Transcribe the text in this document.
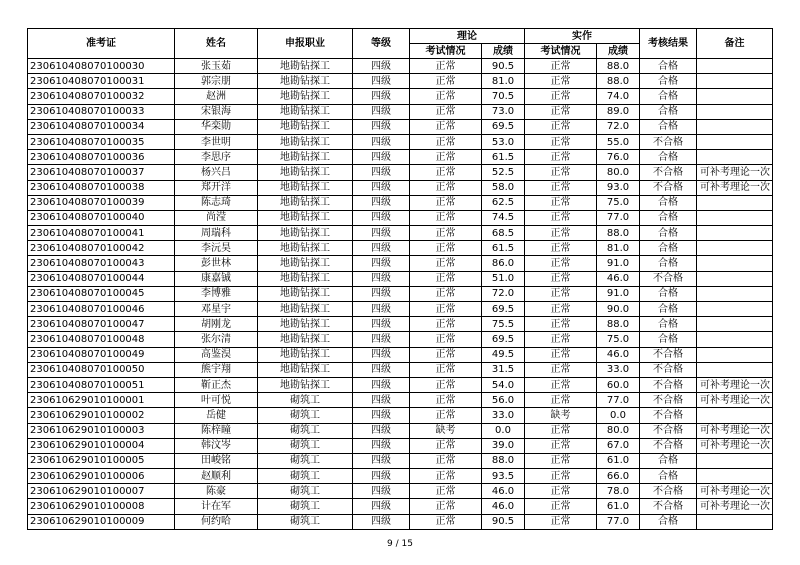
准考证	姓名	申报职业	等级	理论		实作		考核结果	备注
				考试情况	成绩	考试情况	成绩		
230610408070100030	张玉茹	地勘钻探工	四级	正常	90.5	正常	88.0	合格	
230610408070100031	郭宗朋	地勘钻探工	四级	正常	81.0	正常	88.0	合格	
230610408070100032	赵洲	地勘钻探工	四级	正常	70.5	正常	74.0	合格	
230610408070100033	宋银海	地勘钻探工	四级	正常	73.0	正常	89.0	合格	
230610408070100034	华栾勋	地勘钻探工	四级	正常	69.5	正常	72.0	合格	
230610408070100035	李世明	地勘钻探工	四级	正常	53.0	正常	55.0	不合格	
230610408070100036	李思序	地勘钻探工	四级	正常	61.5	正常	76.0	合格	
230610408070100037	杨兴吕	地勘钻探工	四级	正常	52.5	正常	80.0	不合格	可补考理论一次
230610408070100038	郑开洋	地勘钻探工	四级	正常	58.0	正常	93.0	不合格	可补考理论一次
230610408070100039	陈志琦	地勘钻探工	四级	正常	62.5	正常	75.0	合格	
230610408070100040	尚滢	地勘钻探工	四级	正常	74.5	正常	77.0	合格	
230610408070100041	周瑞科	地勘钻探工	四级	正常	68.5	正常	88.0	合格	
230610408070100042	李沅昊	地勘钻探工	四级	正常	61.5	正常	81.0	合格	
230610408070100043	彭世林	地勘钻探工	四级	正常	86.0	正常	91.0	合格	
230610408070100044	康嘉铖	地勘钻探工	四级	正常	51.0	正常	46.0	不合格	
230610408070100045	李博雅	地勘钻探工	四级	正常	72.0	正常	91.0	合格	
230610408070100046	邓星宇	地勘钻探工	四级	正常	69.5	正常	90.0	合格	
230610408070100047	胡刚龙	地勘钻探工	四级	正常	75.5	正常	88.0	合格	
230610408070100048	张尔清	地勘钻探工	四级	正常	69.5	正常	75.0	合格	
230610408070100049	高鉴淏	地勘钻探工	四级	正常	49.5	正常	46.0	不合格	
230610408070100050	熊宇翔	地勘钻探工	四级	正常	31.5	正常	33.0	不合格	
230610408070100051	靳正杰	地勘钻探工	四级	正常	54.0	正常	60.0	不合格	可补考理论一次
230610629010100001	叶可悦	砌筑工	四级	正常	56.0	正常	77.0	不合格	可补考理论一次
230610629010100002	岳健	砌筑工	四级	正常	33.0	缺考	0.0	不合格	
230610629010100003	陈梓瞳	砌筑工	四级	缺考	0.0	正常	80.0	不合格	可补考理论一次
230610629010100004	韩汶岑	砌筑工	四级	正常	39.0	正常	67.0	不合格	可补考理论一次
230610629010100005	田峻铭	砌筑工	四级	正常	88.0	正常	61.0	合格	
230610629010100006	赵顺利	砌筑工	四级	正常	93.5	正常	66.0	合格	
230610629010100007	陈豪	砌筑工	四级	正常	46.0	正常	78.0	不合格	可补考理论一次
230610629010100008	计在军	砌筑工	四级	正常	46.0	正常	61.0	不合格	可补考理论一次
230610629010100009	何约哈	砌筑工	四级	正常	90.5	正常	77.0	合格	
9 / 15
